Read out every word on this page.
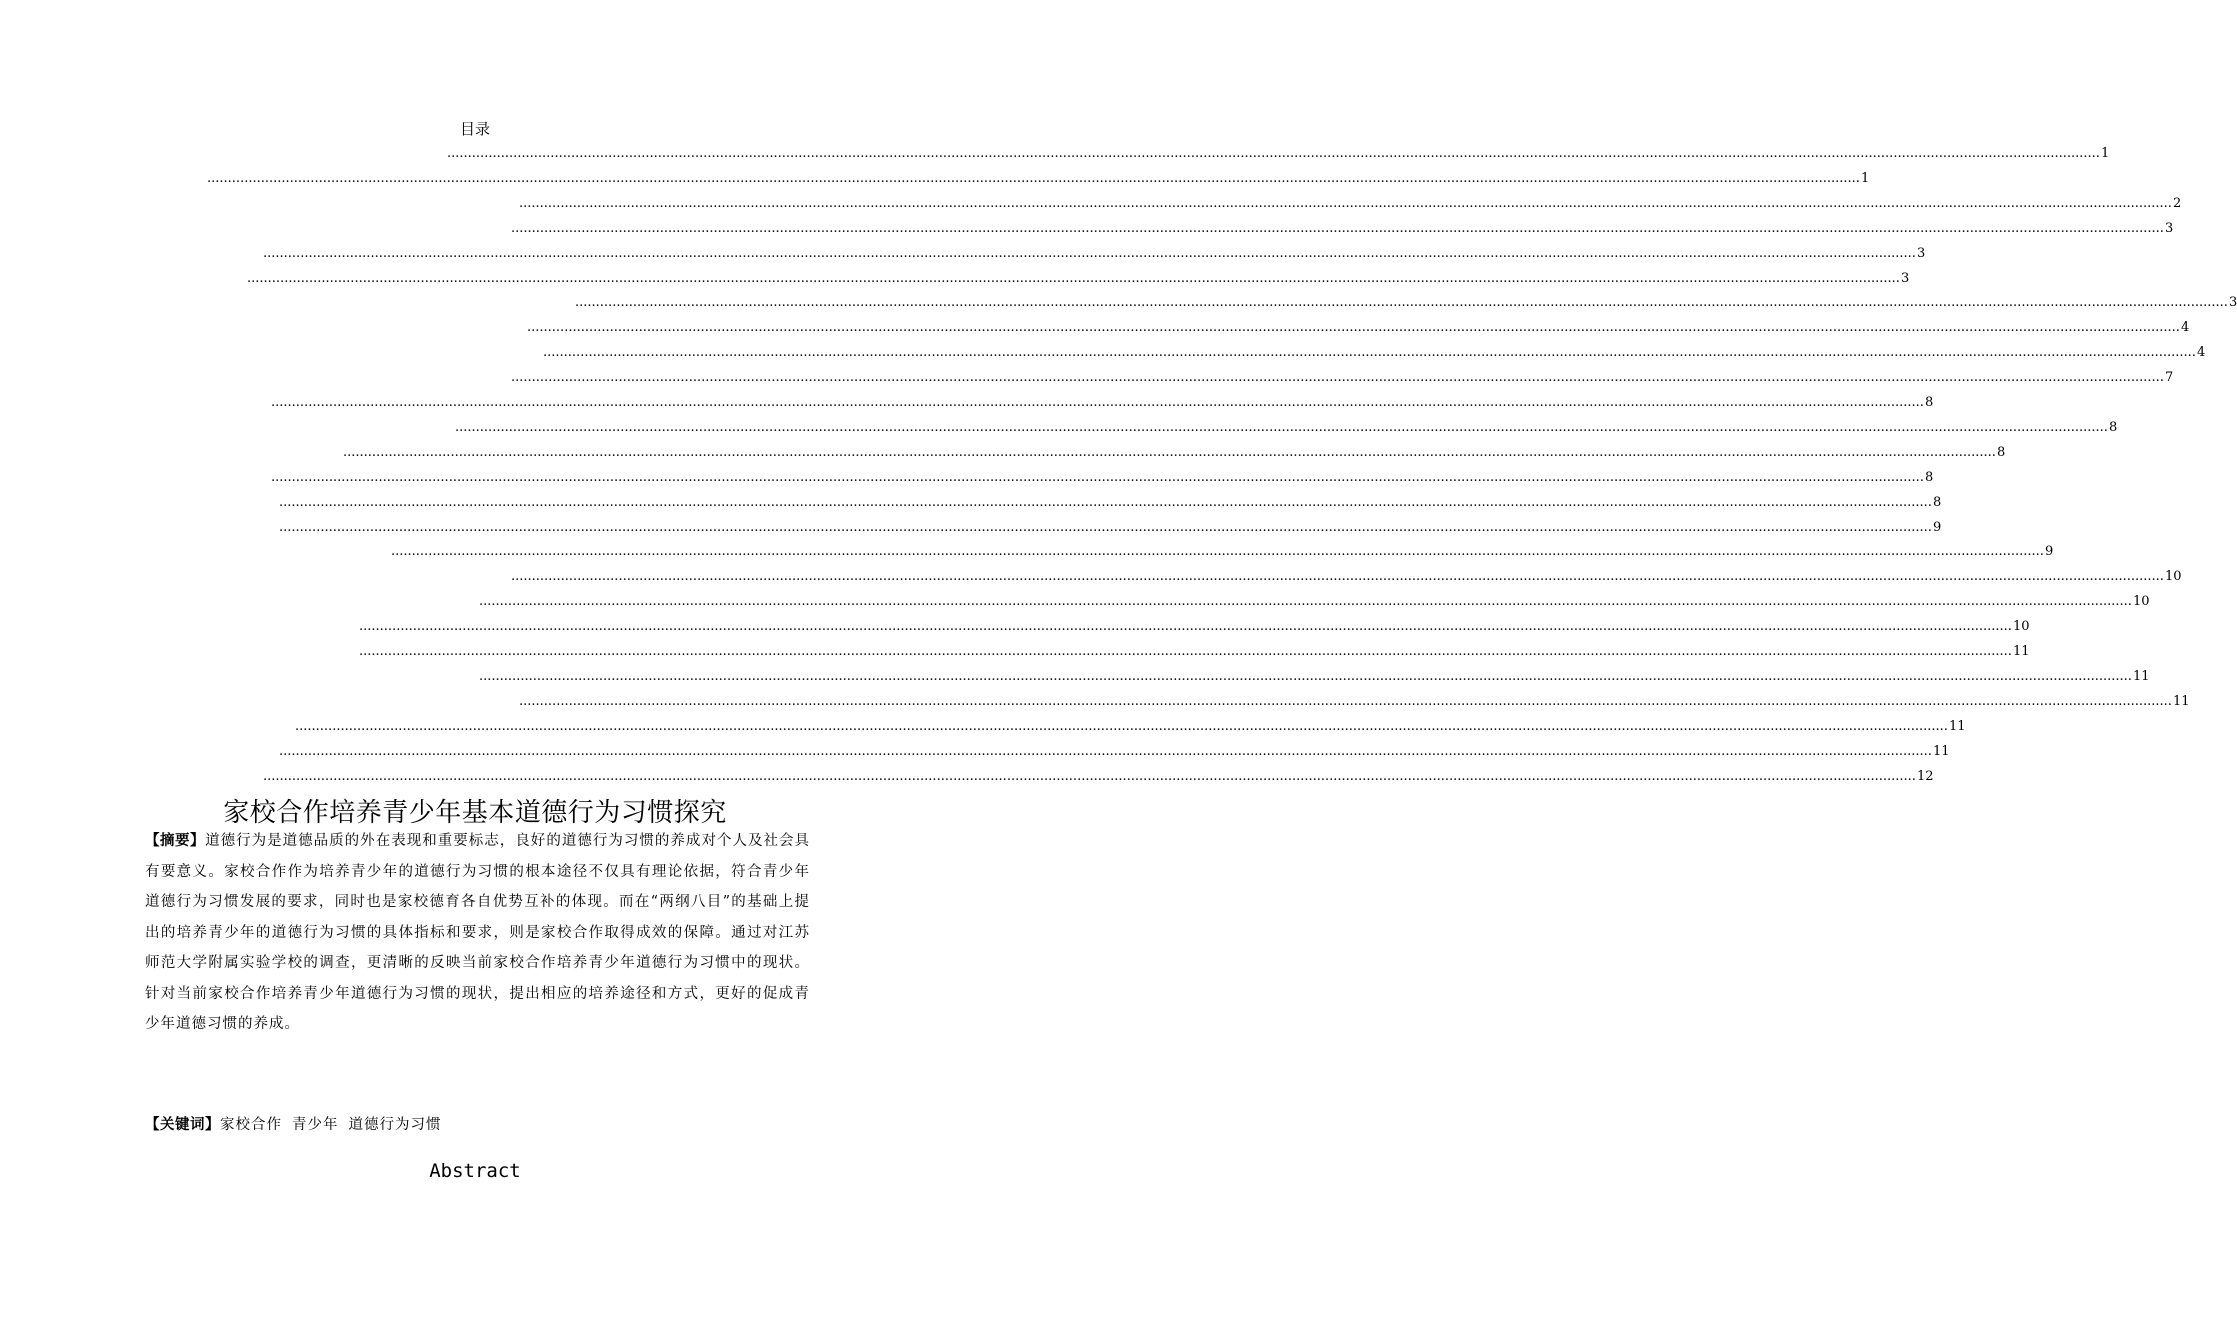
目录
................................................................................................................................................................................................................................................................................................................................................................................................................ 1
................................................................................................................................................................................................................................................................................................................................................................................................................ 1
................................................................................................................................................................................................................................................................................................................................................................................................................ 2
................................................................................................................................................................................................................................................................................................................................................................................................................ 3
................................................................................................................................................................................................................................................................................................................................................................................................................ 3
................................................................................................................................................................................................................................................................................................................................................................................................................ 3
................................................................................................................................................................................................................................................................................................................................................................................................................ 3
................................................................................................................................................................................................................................................................................................................................................................................................................ 4
................................................................................................................................................................................................................................................................................................................................................................................................................ 4
................................................................................................................................................................................................................................................................................................................................................................................................................ 7
................................................................................................................................................................................................................................................................................................................................................................................................................ 8
................................................................................................................................................................................................................................................................................................................................................................................................................ 8
................................................................................................................................................................................................................................................................................................................................................................................................................ 8
................................................................................................................................................................................................................................................................................................................................................................................................................ 8
................................................................................................................................................................................................................................................................................................................................................................................................................ 8
................................................................................................................................................................................................................................................................................................................................................................................................................ 9
................................................................................................................................................................................................................................................................................................................................................................................................................ 9
................................................................................................................................................................................................................................................................................................................................................................................................................ 10
................................................................................................................................................................................................................................................................................................................................................................................................................ 10
................................................................................................................................................................................................................................................................................................................................................................................................................ 10
................................................................................................................................................................................................................................................................................................................................................................................................................ 11
................................................................................................................................................................................................................................................................................................................................................................................................................ 11
................................................................................................................................................................................................................................................................................................................................................................................................................ 11
................................................................................................................................................................................................................................................................................................................................................................................................................ 11
................................................................................................................................................................................................................................................................................................................................................................................................................ 11
................................................................................................................................................................................................................................................................................................................................................................................................................ 12
家校合作培养青少年基本道德行为习惯探究
【摘要】道德行为是道德品质的外在表现和重要标志，良好的道德行为习惯的养成对个人及社会具有要意义。家校合作作为培养青少年的道德行为习惯的根本途径不仅具有理论依据，符合青少年道德行为习惯发展的要求，同时也是家校德育各自优势互补的体现。而在“两纲八目”的基础上提出的培养青少年的道德行为习惯的具体指标和要求，则是家校合作取得成效的保障。通过对江苏师范大学附属实验学校的调查，更清晰的反映当前家校合作培养青少年道德行为习惯中的现状。针对当前家校合作培养青少年道德行为习惯的现状，提出相应的培养途径和方式，更好的促成青少年道德习惯的养成。
【关键词】家校合作 青少年 道德行为习惯
Abstract
